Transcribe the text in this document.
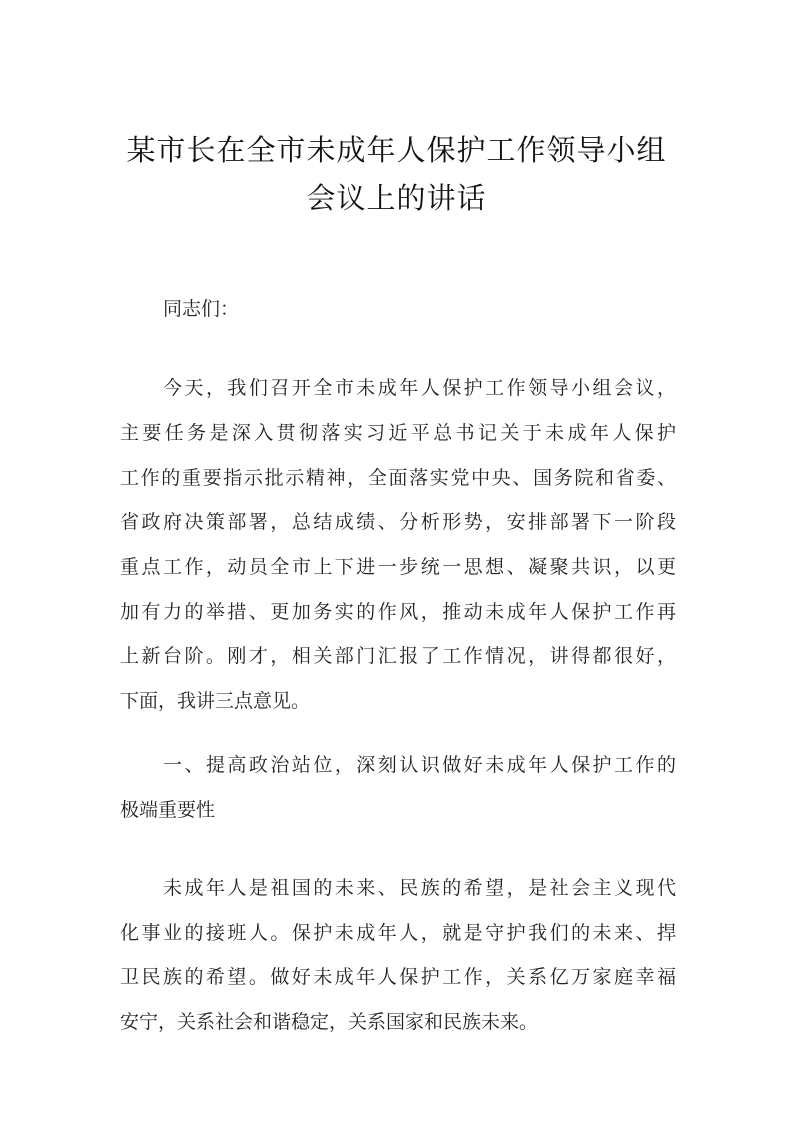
某市长在全市未成年人保护工作领导小组
会议上的讲话
同志们：
今天，我们召开全市未成年人保护工作领导小组会议，
主要任务是深入贯彻落实习近平总书记关于未成年人保护
工作的重要指示批示精神，全面落实党中央、国务院和省委、
省政府决策部署，总结成绩、分析形势，安排部署下一阶段
重点工作，动员全市上下进一步统一思想、凝聚共识，以更
加有力的举措、更加务实的作风，推动未成年人保护工作再
上新台阶。刚才，相关部门汇报了工作情况，讲得都很好，
下面，我讲三点意见。
一、提高政治站位，深刻认识做好未成年人保护工作的
极端重要性
未成年人是祖国的未来、民族的希望，是社会主义现代
化事业的接班人。保护未成年人，就是守护我们的未来、捍
卫民族的希望。做好未成年人保护工作，关系亿万家庭幸福
安宁，关系社会和谐稳定，关系国家和民族未来。
